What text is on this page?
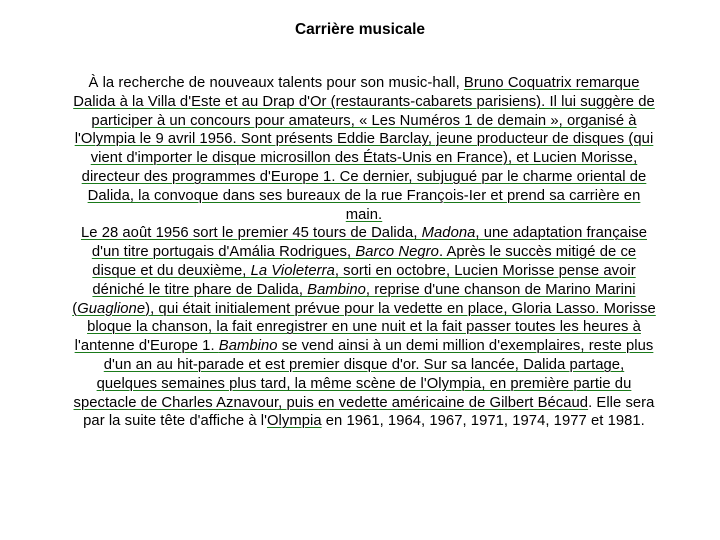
Carrière musicale
À la recherche de nouveaux talents pour son music-hall, Bruno Coquatrix remarque Dalida à la Villa d'Este et au Drap d'Or (restaurants-cabarets parisiens). Il lui suggère de participer à un concours pour amateurs, « Les Numéros 1 de demain », organisé à l'Olympia le 9 avril 1956. Sont présents Eddie Barclay, jeune producteur de disques (qui vient d'importer le disque microsillon des États-Unis en France), et Lucien Morisse, directeur des programmes d'Europe 1. Ce dernier, subjugué par le charme oriental de Dalida, la convoque dans ses bureaux de la rue François-Ier et prend sa carrière en main.
Le 28 août 1956 sort le premier 45 tours de Dalida, Madona, une adaptation française d'un titre portugais d'Amália Rodrigues, Barco Negro. Après le succès mitigé de ce disque et du deuxième, La Violeterra, sorti en octobre, Lucien Morisse pense avoir déniché le titre phare de Dalida, Bambino, reprise d'une chanson de Marino Marini (Guaglione), qui était initialement prévue pour la vedette en place, Gloria Lasso. Morisse bloque la chanson, la fait enregistrer en une nuit et la fait passer toutes les heures à l'antenne d'Europe 1. Bambino se vend ainsi à un demi million d'exemplaires, reste plus d'un an au hit-parade et est premier disque d'or. Sur sa lancée, Dalida partage, quelques semaines plus tard, la même scène de l'Olympia, en première partie du spectacle de Charles Aznavour, puis en vedette américaine de Gilbert Bécaud. Elle sera par la suite tête d'affiche à l'Olympia en 1961, 1964, 1967, 1971, 1974, 1977 et 1981.
